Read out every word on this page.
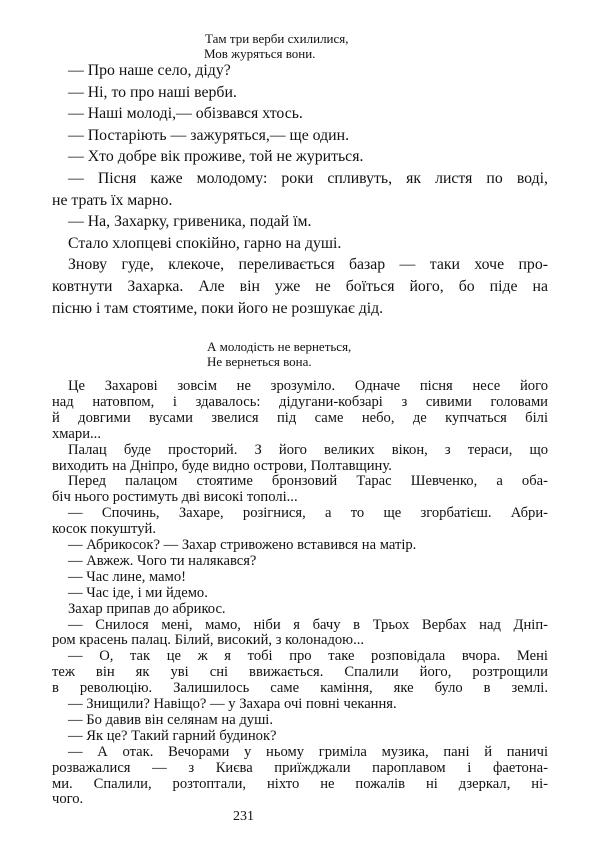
Там три верби схилилися,
Мов журяться вони.
— Про наше село, діду?
— Ні, то про наші верби.
— Наші молоді,— обізвався хтось.
— Постаріють — зажуряться,— ще один.
— Хто добре вік проживе, той не журиться.
— Пісня каже молодому: роки спливуть, як листя по воді,
не трать їх марно.
— На, Захарку, гривеника, подай їм.
Стало хлопцеві спокійно, гарно на душі.
Знову гуде, клекоче, переливається базар — таки хоче про-
ковтнути Захарка. Але він уже не боїться його, бо піде на
пісню і там стоятиме, поки його не розшукає дід.
А молодість не вернеться,
Не вернеться вона.
Це Захарові зовсім не зрозуміло. Одначе пісня несе його
над натовпом, і здавалось: дідугани-кобзарі з сивими головами
й довгими вусами звелися під саме небо, де купчаться білі
хмари...
Палац буде просторий. З його великих вікон, з тераси, що
виходить на Дніпро, буде видно острови, Полтавщину.
Перед палацом стоятиме бронзовий Тарас Шевченко, а оба-
біч нього ростимуть дві високі тополі...
— Спочинь, Захаре, розігнися, а то ще згорбатієш. Абри-
косок покуштуй.
— Абрикосок? — Захар стривожено вставився на матір.
— Авжеж. Чого ти налякався?
— Час лине, мамо!
— Час іде, і ми йдемо.
Захар припав до абрикос.
— Снилося мені, мамо, ніби я бачу в Трьох Вербах над Дніп-
ром красень палац. Білий, високий, з колонадою...
— О, так це ж я тобі про таке розповідала вчора. Мені
теж він як уві сні ввижається. Спалили його, розтрощили
в революцію. Залишилось саме каміння, яке було в землі.
— Знищили? Навіщо? — у Захара очі повні чекання.
— Бо давив він селянам на душі.
— Як це? Такий гарний будинок?
— А отак. Вечорами у ньому гриміла музика, пані й паничі
розважалися — з Києва приїжджали пароплавом і фаетона-
ми. Спалили, розтоптали, ніхто не пожалів ні дзеркал, ні-
чого.
231
